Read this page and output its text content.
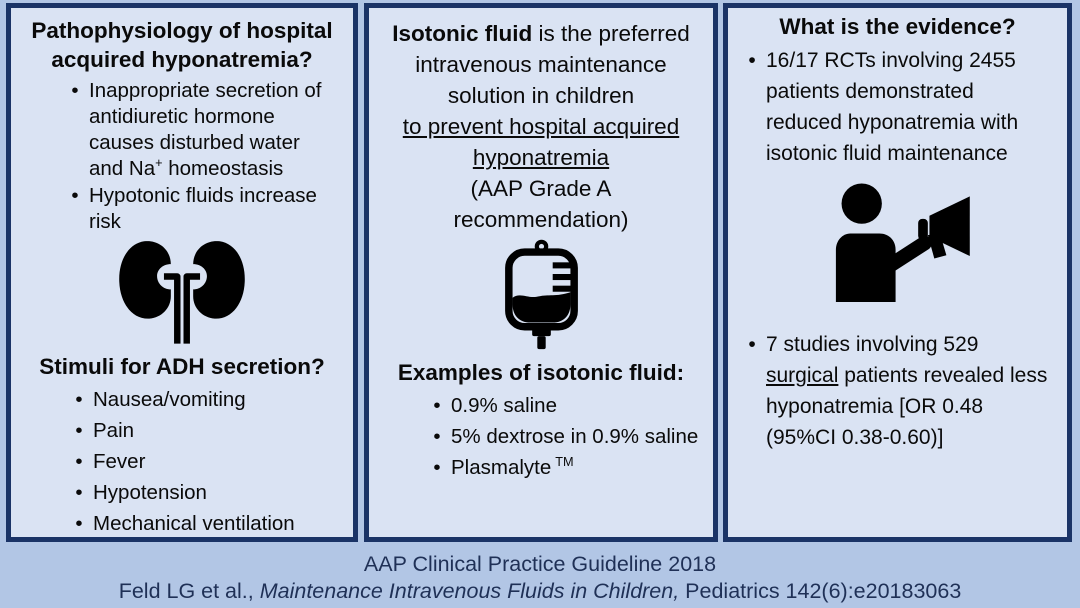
Pathophysiology of hospital acquired hyponatremia?
•
Inappropriate secretion of antidiuretic hormone causes disturbed water and Na+ homeostasis
•
Hypotonic fluids increase risk
Stimuli for ADH secretion?
•
Nausea/vomiting
•
Pain
•
Fever
•
Hypotension
•
Mechanical ventilation
Isotonic fluid is the preferred
intravenous maintenance
solution in children
to prevent hospital acquired
hyponatremia
(AAP Grade A
recommendation)
Examples of isotonic fluid:
•
0.9% saline
•
5% dextrose in 0.9% saline
•
Plasmalyte ™
What is the evidence?
•
16/17 RCTs involving 2455 patients demonstrated reduced hyponatremia with isotonic fluid maintenance
•
7 studies involving 529 surgical patients revealed less hyponatremia [OR 0.48 (95%CI 0.38-0.60)]
AAP Clinical Practice Guideline 2018
Feld LG et al., Maintenance Intravenous Fluids in Children, Pediatrics 142(6):e20183063
